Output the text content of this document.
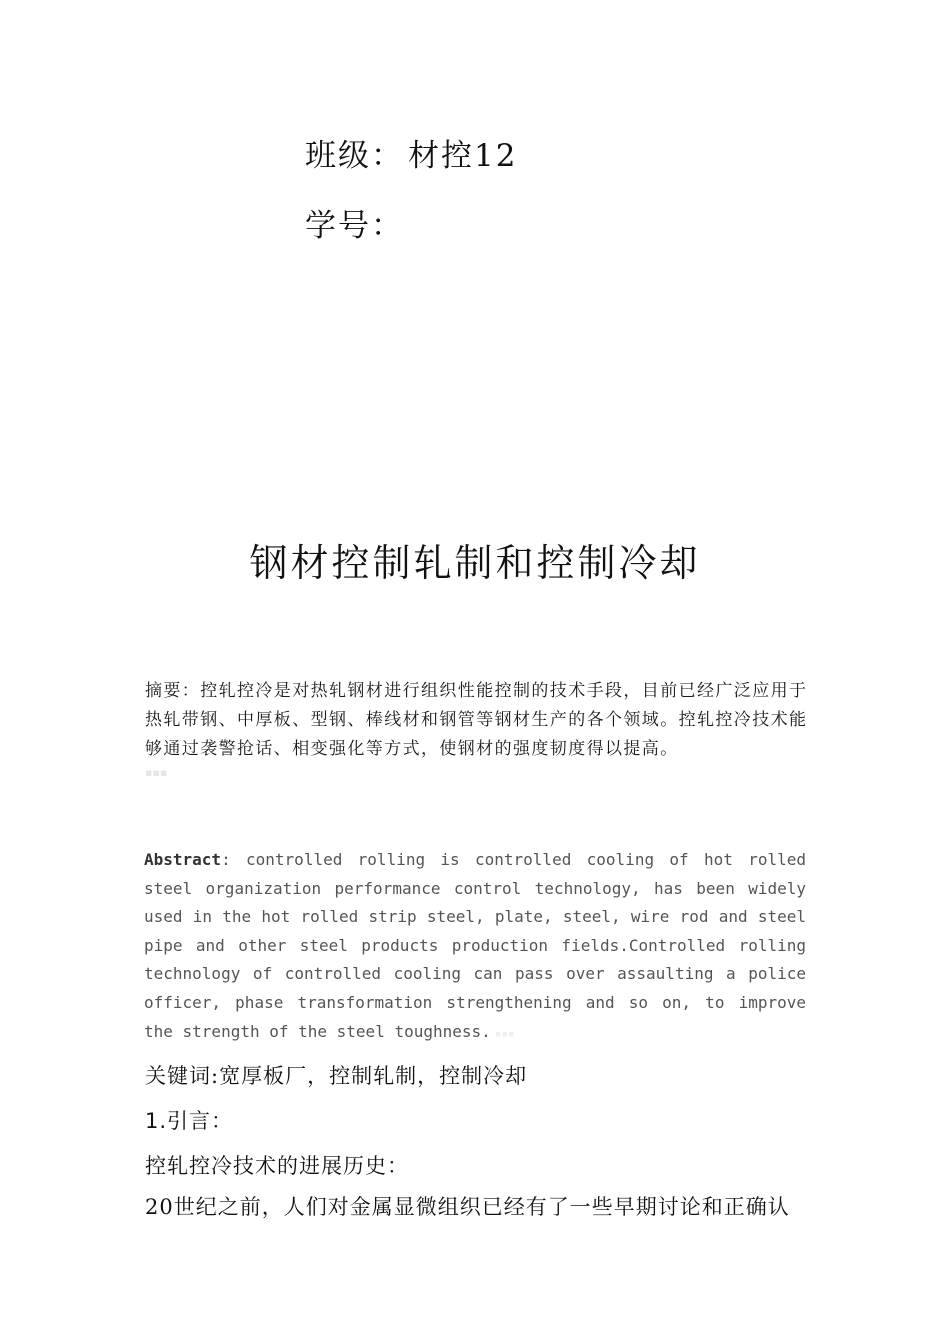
班级： 材控12
学号：
钢材控制轧制和控制冷却
摘要：控轧控冷是对热轧钢材进行组织性能控制的技术手段，目前已经广泛应用于热轧带钢、中厚板、型钢、棒线材和钢管等钢材生产的各个领域。控轧控冷技术能够通过袭警抢话、相变强化等方式，使钢材的强度韧度得以提高。
▪▪▪
Abstract: controlled rolling is controlled cooling of hot rolled steel organization performance control technology, has been widely used in the hot rolled strip steel, plate, steel, wire rod and steel pipe and other steel products production fields.Controlled rolling technology of controlled cooling can pass over assaulting a police officer, phase transformation strengthening and so on, to improve the strength of the steel toughness. ▪▪▪
关键词:宽厚板厂，控制轧制，控制冷却
1.引言：
控轧控冷技术的进展历史：
20世纪之前，人们对金属显微组织已经有了一些早期讨论和正确认
